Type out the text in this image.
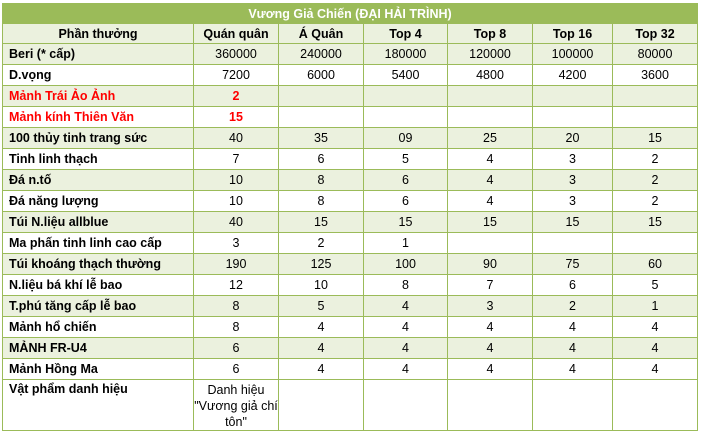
Vương Giả Chiến (ĐẠI HẢI TRÌNH)						
Phần thưởng	Quán quân	Á Quân	Top 4	Top 8	Top 16	Top 32
Beri (* cấp)	360000	240000	180000	120000	100000	80000
D.vọng	7200	6000	5400	4800	4200	3600
Mảnh Trái Ảo Ảnh	2					
Mảnh kính Thiên Văn	15					
100 thủy tinh trang sức	40	35	09	25	20	15
Tinh linh thạch	7	6	5	4	3	2
Đá n.tố	10	8	6	4	3	2
Đá năng lượng	10	8	6	4	3	2
Túi N.liệu allblue	40	15	15	15	15	15
Ma phấn tinh linh cao cấp	3	2	1			
Túi khoáng thạch thường	190	125	100	90	75	60
N.liệu bá khí lễ bao	12	10	8	7	6	5
T.phú tăng cấp lễ bao	8	5	4	3	2	1
Mảnh hổ chiến	8	4	4	4	4	4
MẢNH FR-U4	6	4	4	4	4	4
Mảnh Hồng Ma	6	4	4	4	4	4
Vật phẩm danh hiệu	Danh hiệu "Vương giả chí tôn"					
